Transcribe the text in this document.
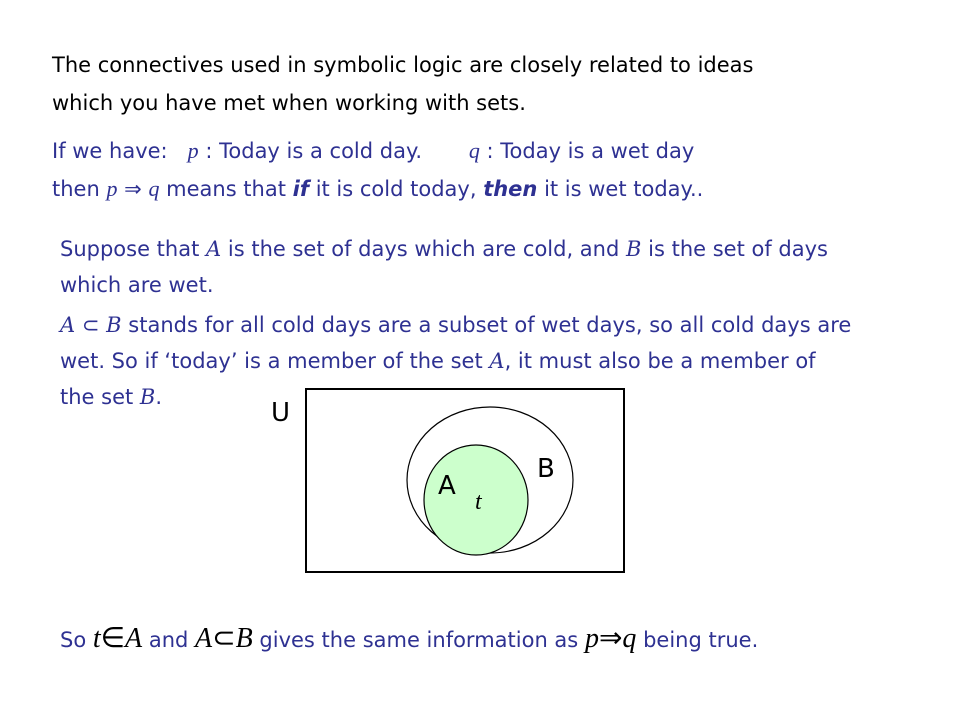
The connectives used in symbolic logic are closely related to ideas
which you have met when working with sets.
If we have: p : Today is a cold day. q : Today is a wet day
then p ⇒ q means that if it is cold today, then it is wet today..
Suppose that A is the set of days which are cold, and B is the set of days
which are wet.
A ⊂ B stands for all cold days are a subset of wet days, so all cold days are
wet. So if ‘today’ is a member of the set A, it must also be a member of
the set B.
U
B
A
t
So t∈A and A⊂B gives the same information as p⇒q being true.
